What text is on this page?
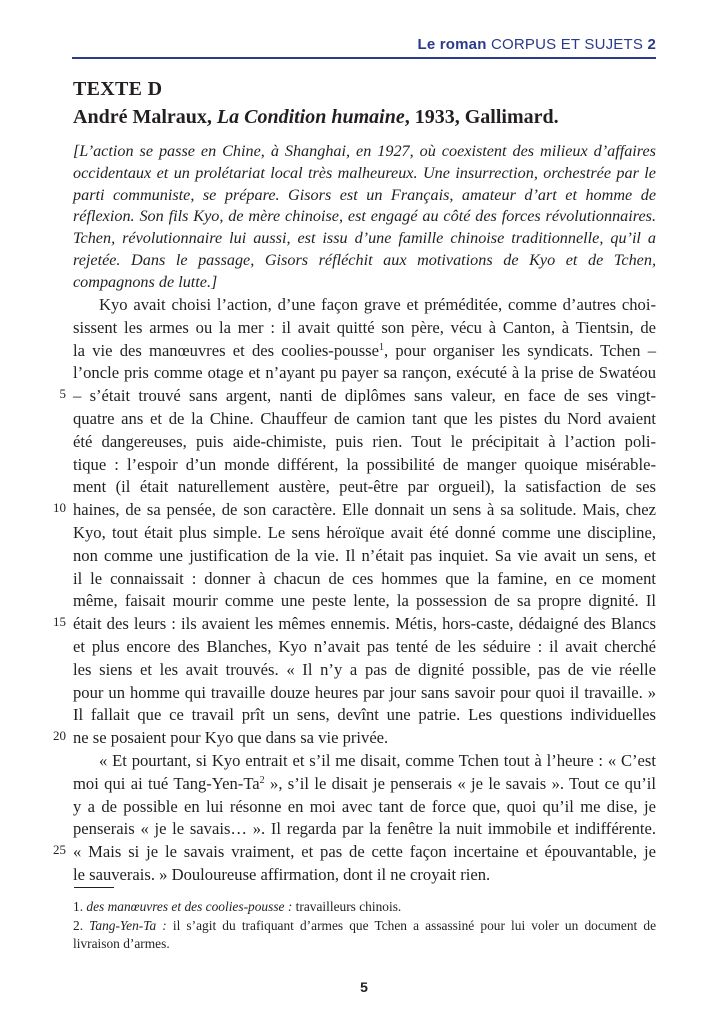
Le roman CORPUS ET SUJETS 2
TEXTE D
André Malraux, La Condition humaine, 1933, Gallimard.
[L’action se passe en Chine, à Shanghai, en 1927, où coexistent des milieux d’affaires occidentaux et un prolétariat local très malheureux. Une insurrection, orchestrée par le parti communiste, se prépare. Gisors est un Français, amateur d’art et homme de réflexion. Son fils Kyo, de mère chinoise, est engagé au côté des forces révolutionnaires. Tchen, révolutionnaire lui aussi, est issu d’une famille chinoise traditionnelle, qu’il a rejetée. Dans le passage, Gisors réfléchit aux motivations de Kyo et de Tchen, compagnons de lutte.]
Kyo avait choisi l’action, d’une façon grave et préméditée, comme d’autres choi-
sissent les armes ou la mer : il avait quitté son père, vécu à Canton, à Tientsin, de
la vie des manœuvres et des coolies-pousse$^1$, pour organiser les syndicats. Tchen –
l’oncle pris comme otage et n’ayant pu payer sa rançon, exécuté à la prise de Swatéou
– s’était trouvé sans argent, nanti de diplômes sans valeur, en face de ses vingt-
quatre ans et de la Chine. Chauffeur de camion tant que les pistes du Nord avaient
été dangereuses, puis aide-chimiste, puis rien. Tout le précipitait à l’action poli-
tique : l’espoir d’un monde différent, la possibilité de manger quoique misérable-
ment (il était naturellement austère, peut-être par orgueil), la satisfaction de ses
haines, de sa pensée, de son caractère. Elle donnait un sens à sa solitude. Mais, chez
Kyo, tout était plus simple. Le sens héroïque avait été donné comme une discipline,
non comme une justification de la vie. Il n’était pas inquiet. Sa vie avait un sens, et
il le connaissait : donner à chacun de ces hommes que la famine, en ce moment
même, faisait mourir comme une peste lente, la possession de sa propre dignité. Il
était des leurs : ils avaient les mêmes ennemis. Métis, hors-caste, dédaigné des Blancs
et plus encore des Blanches, Kyo n’avait pas tenté de les séduire : il avait cherché
les siens et les avait trouvés. « Il n’y a pas de dignité possible, pas de vie réelle
pour un homme qui travaille douze heures par jour sans savoir pour quoi il travaille. »
Il fallait que ce travail prît un sens, devînt une patrie. Les questions individuelles
ne se posaient pour Kyo que dans sa vie privée.
« Et pourtant, si Kyo entrait et s’il me disait, comme Tchen tout à l’heure : « C’est
moi qui ai tué Tang-Yen-Ta$^2$ », s’il le disait je penserais « je le savais ». Tout ce qu’il
y a de possible en lui résonne en moi avec tant de force que, quoi qu’il me dise, je
penserais « je le savais… ». Il regarda par la fenêtre la nuit immobile et indifférente.
« Mais si je le savais vraiment, et pas de cette façon incertaine et épouvantable, je
le sauverais. » Douloureuse affirmation, dont il ne croyait rien.
5
10
15
20
25
1. des manœuvres et des coolies-pousse : travailleurs chinois.
2. Tang-Yen-Ta : il s’agit du trafiquant d’armes que Tchen a assassiné pour lui voler un document de livraison d’armes.
5
